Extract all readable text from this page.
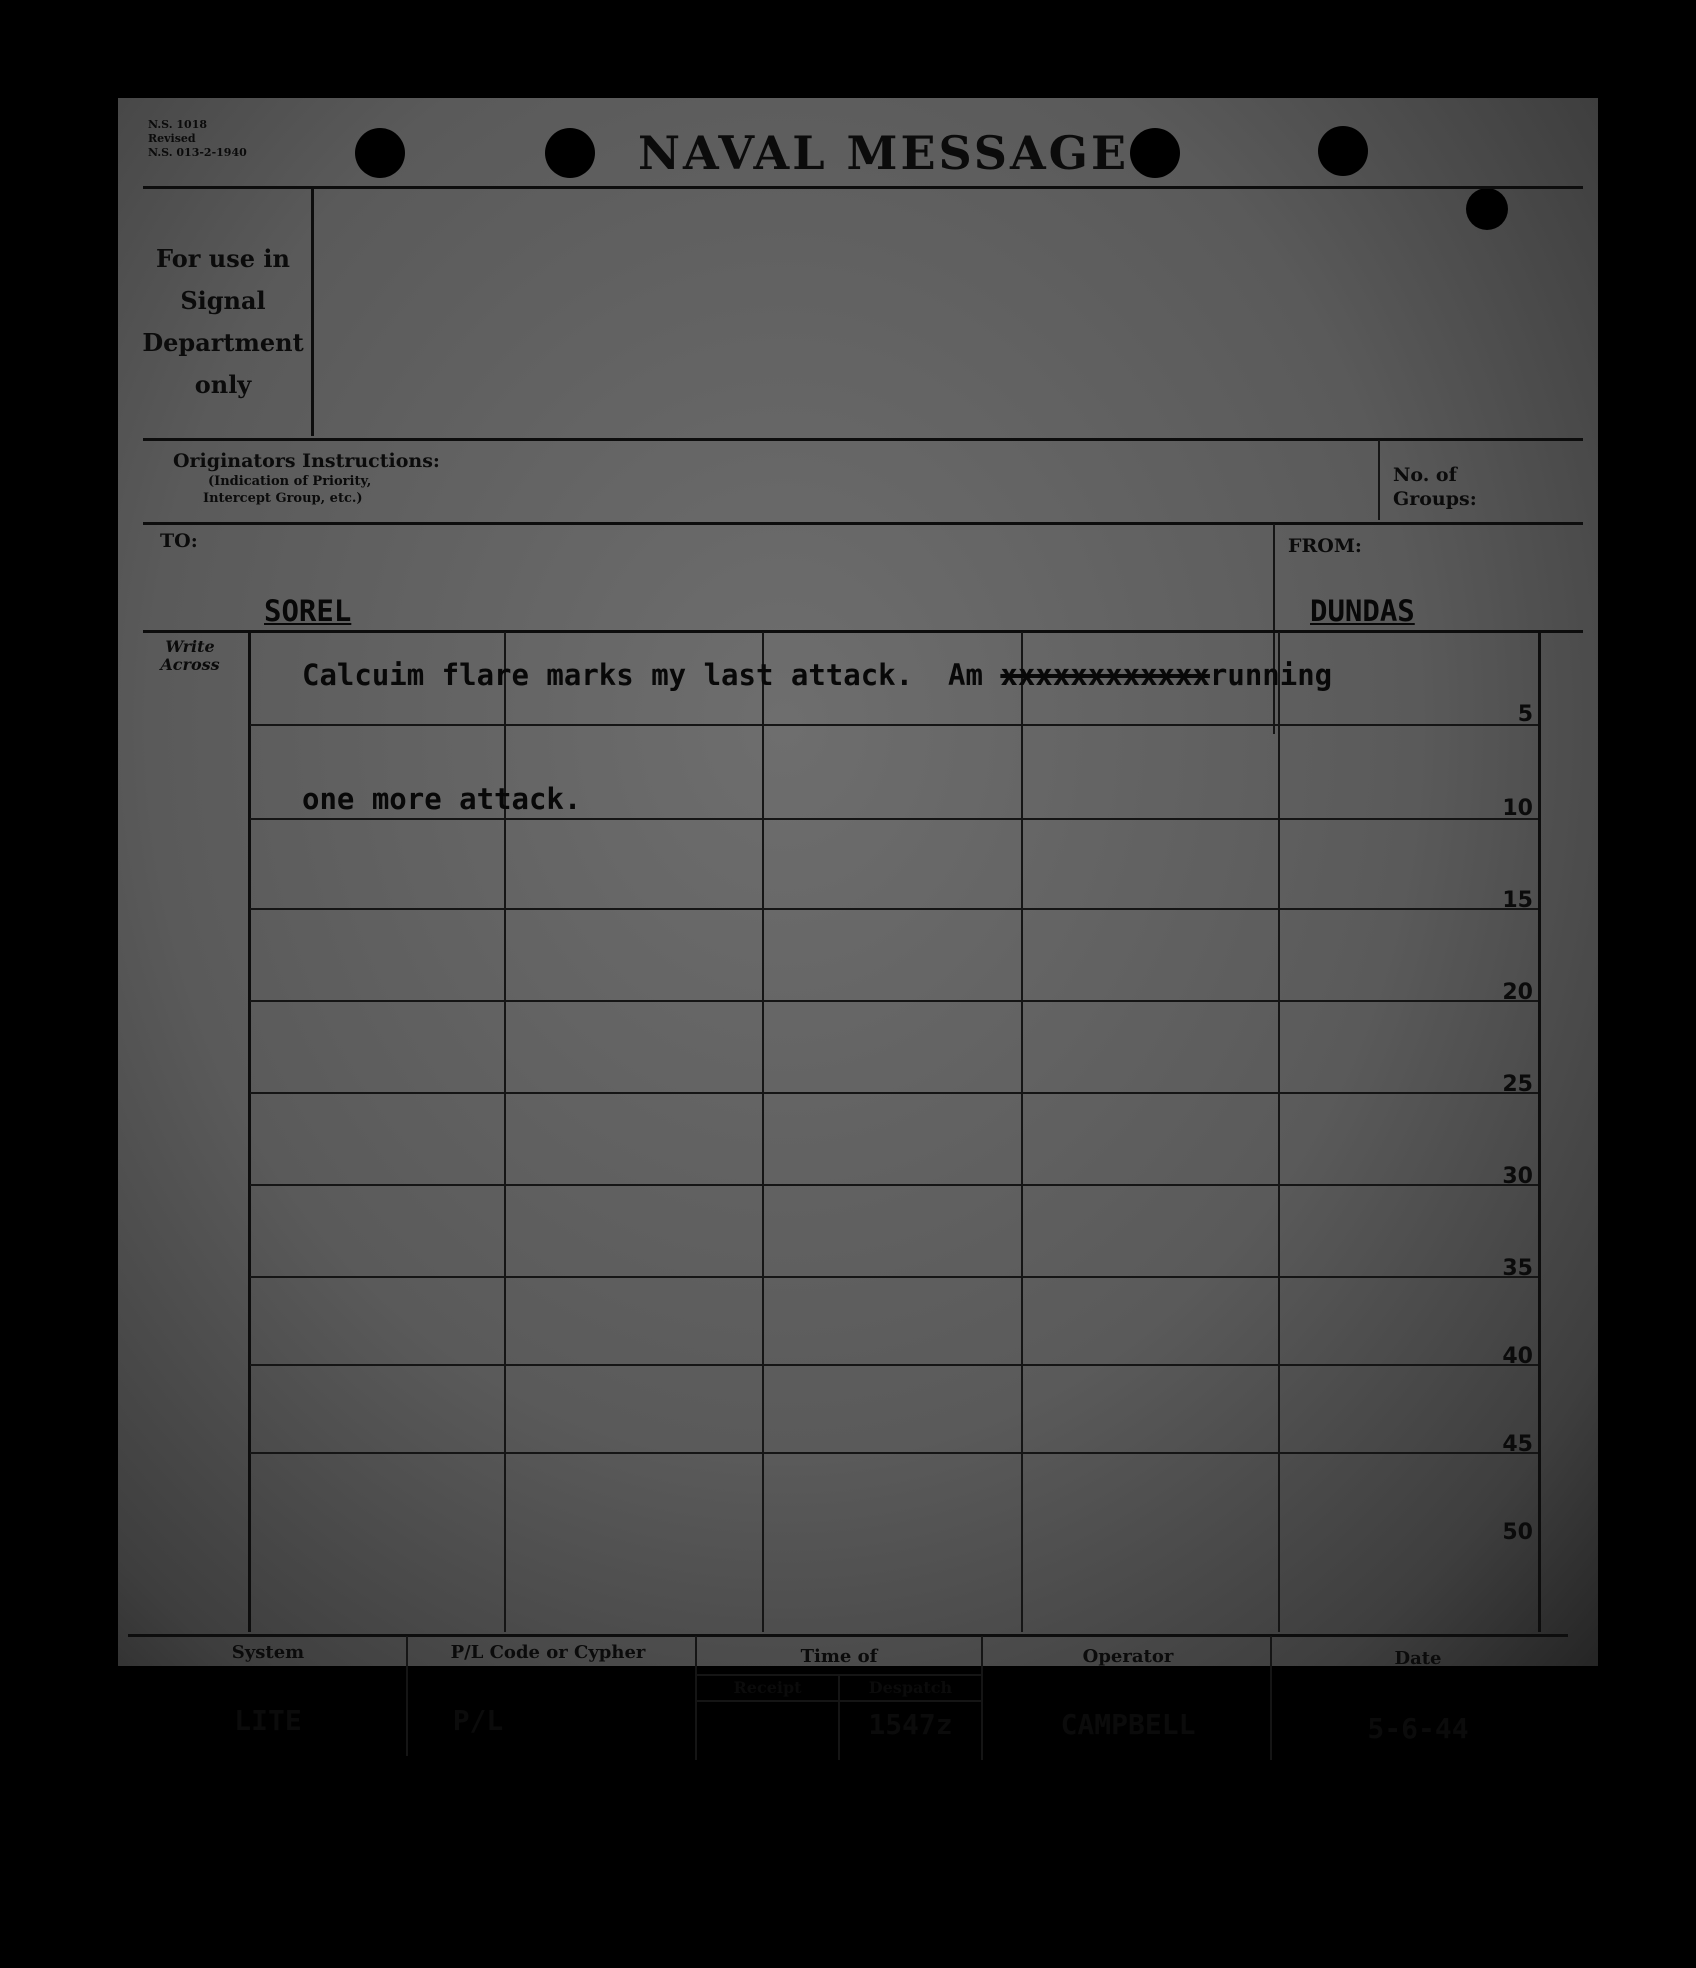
N.S. 1018
Revised
N.S. 013-2-1940	NAVAL MESSAGE
For use in
Signal
Department
only
Originators Instructions:
(Indication of Priority,
Intercept Group, etc.)
No. of
Groups:
TO:
SOREL
FROM:
DUNDAS
Write
Across	Calcuim flare marks my last attack.  Am xxxxxxxxxxxxrunning
one more attack.
5
10
15
20
25
30
35
40
45
50
System
LITE
P/L Code or Cypher
P/L
Time of
Receipt	Despatch
1547z
Operator
CAMPBELL
Date
5-6-44
